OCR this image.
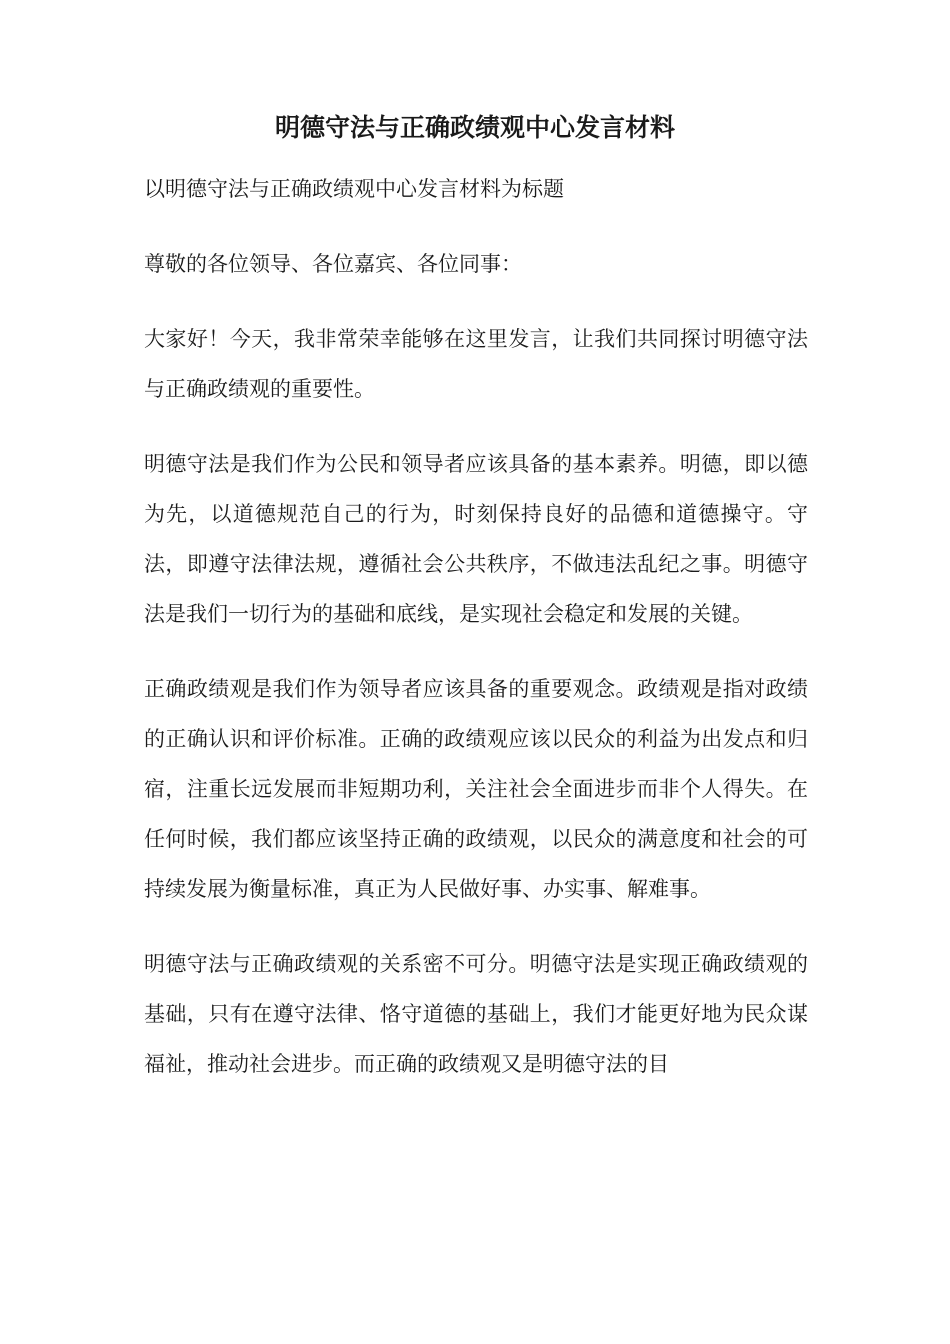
明德守法与正确政绩观中心发言材料

以明德守法与正确政绩观中心发言材料为标题

尊敬的各位领导、各位嘉宾、各位同事：

大家好！今天，我非常荣幸能够在这里发言，让我们共同探讨明德守法与正确政绩观的重要性。

明德守法是我们作为公民和领导者应该具备的基本素养。明德，即以德为先，以道德规范自己的行为，时刻保持良好的品德和道德操守。守法，即遵守法律法规，遵循社会公共秩序，不做违法乱纪之事。明德守法是我们一切行为的基础和底线，是实现社会稳定和发展的关键。

正确政绩观是我们作为领导者应该具备的重要观念。政绩观是指对政绩的正确认识和评价标准。正确的政绩观应该以民众的利益为出发点和归宿，注重长远发展而非短期功利，关注社会全面进步而非个人得失。在任何时候，我们都应该坚持正确的政绩观，以民众的满意度和社会的可持续发展为衡量标准，真正为人民做好事、办实事、解难事。

明德守法与正确政绩观的关系密不可分。明德守法是实现正确政绩观的基础，只有在遵守法律、恪守道德的基础上，我们才能更好地为民众谋福祉，推动社会进步。而正确的政绩观又是明德守法的目
